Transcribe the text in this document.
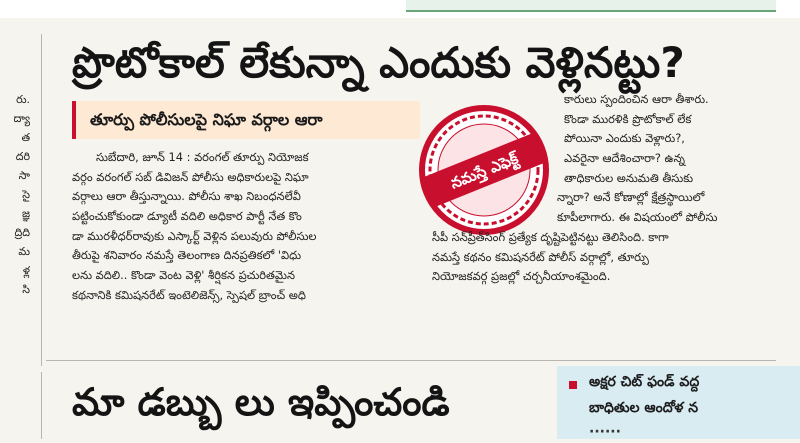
రు.
ద్యా
త
దరి
సా
సై
జ్ఞ
ద్రిది
మ
ళ్ల
సి
ప్రొటోకాల్‌ లేకున్నా ఎందుకు వెళ్లినట్టు?
తూర్పు పోలీసులపై నిఘా వర్గాల ఆరా
సుబేదారి, జూన్‌ 14 : వరంగల్‌ తూర్పు నియోజక
వర్గం వరంగల్‌ సబ్‌ డివిజన్‌ పోలీసు అధికారులపై నిఘా
వర్గాలు ఆరా తీస్తున్నాయి. పోలీసు శాఖ నిబంధనలేవీ
పట్టించుకోకుండా డ్యూటీ వదిలి అధికార పార్టీ నేత కొం
డా మురళీధర్‌రావుకు ఎస్కార్ట్‌ వెళ్లిన పలువురు పోలీసుల
తీరుపై శనివారం నమస్తే తెలంగాణ దినప్రతికలో 'విధు
లను వదిలి.. కొండా వెంట వెళ్లి' శీర్షికన ప్రచురితమైన
కథనానికి కమిషనరేట్‌ ఇంటెలిజెన్స్‌, స్పెషల్‌ బ్రాంచ్‌ అధి
నమస్తే ఎఫెక్ట్
కారులు స్పందించిన ఆరా తీశారు.
కొండా మురళికి ప్రొటోకాల్‌ లేక
పోయినా ఎందుకు వెళ్లారు?,
ఎవరైనా ఆదేశించారా? ఉన్న
తాధికారుల అనుమతి తీసుకు
న్నారా? అనే కోణాల్లో క్షేత్రస్థాయిలో
కూపీలాగారు. ఈ విషయంలో పోలీసు
సీపీ సన్‌ప్రీత్‌సింగ్‌ ప్రత్యేక దృష్టిపెట్టినట్టు తెలిసింది. కాగా
నమస్తే కథనం కమిషనరేట్‌ పోలీస్‌ వర్గాల్లో, తూర్పు
నియోజకవర్గ ప్రజల్లో చర్చనీయాంశమైంది.
మా డబ్బు లు ఇప్పించండి	అక్షర చిట్‌ ఫండ్‌ వద్ద
బాధితుల ఆందోళ న
······
